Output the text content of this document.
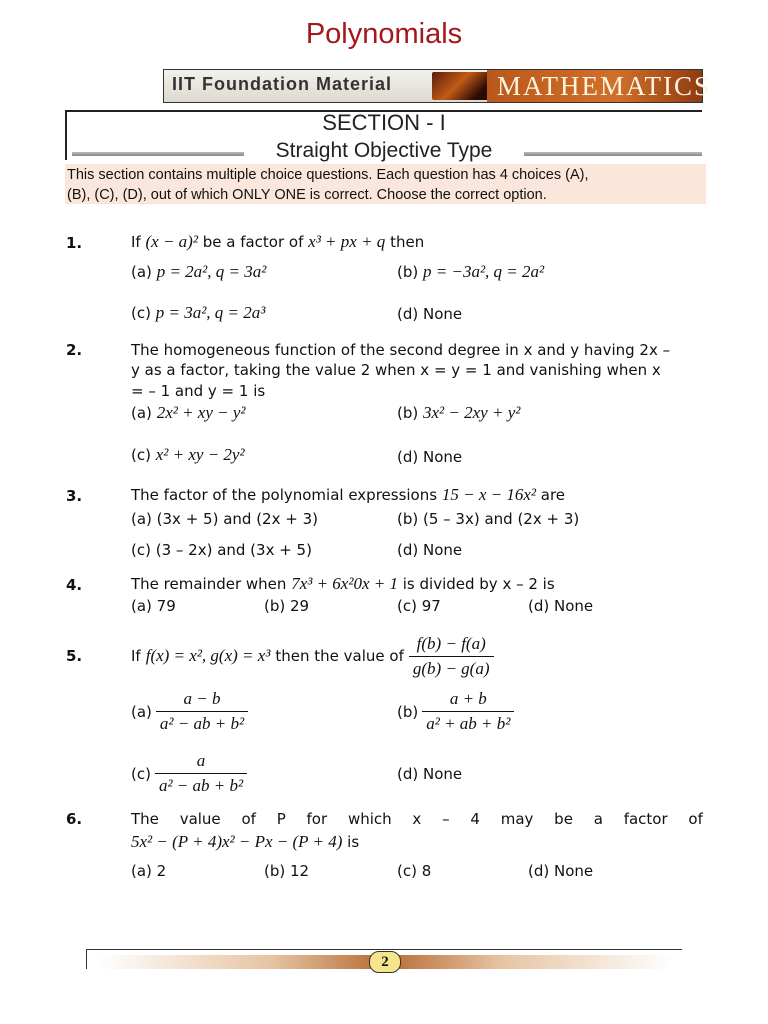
Polynomials
IIT Foundation Material	MATHEMATICS
SECTION - I
Straight Objective Type
This section contains multiple choice questions. Each question has 4 choices (A),
(B), (C), (D), out of which ONLY ONE is correct. Choose the correct option.
1.	If (x − a)² be a factor of x³ + px + q then
(a) p = 2a², q = 3a²	(b) p = −3a², q = 2a²
(c) p = 3a², q = 2a³	(d) None
2.	The homogeneous function of the second degree in x and y having 2x –
y as a factor, taking the value 2 when x = y = 1 and vanishing when x
= – 1 and y = 1 is
(a) 2x² + xy − y²	(b) 3x² − 2xy + y²
(c) x² + xy − 2y²	(d) None
3.	The factor of the polynomial expressions 15 − x − 16x² are
(a) (3x + 5) and (2x + 3)	(b) (5 – 3x) and (2x + 3)
(c) (3 – 2x) and (3x + 5)	(d) None
4.	The remainder when 7x³ + 6x²0x + 1 is divided by x – 2 is
(a) 79	(b) 29	(c) 97	(d) None
5.	If f(x) = x², g(x) = x³ then the value of $\frac{f(b) - f(a)}{g(b) - g(a)}$
$(a) \frac{a - b}{\text{a² − ab + b²}}$	$(b) \frac{a + b}{\text{a² + ab + b²}}$
$(c) \frac{a}{\text{a² − ab + b²}}$	(d) None
6.	The value of P for which x – 4 may be a factor of
5x² − (P + 4)x² − Px − (P + 4) is
(a) 2	(b) 12	(c) 8	(d) None
2
